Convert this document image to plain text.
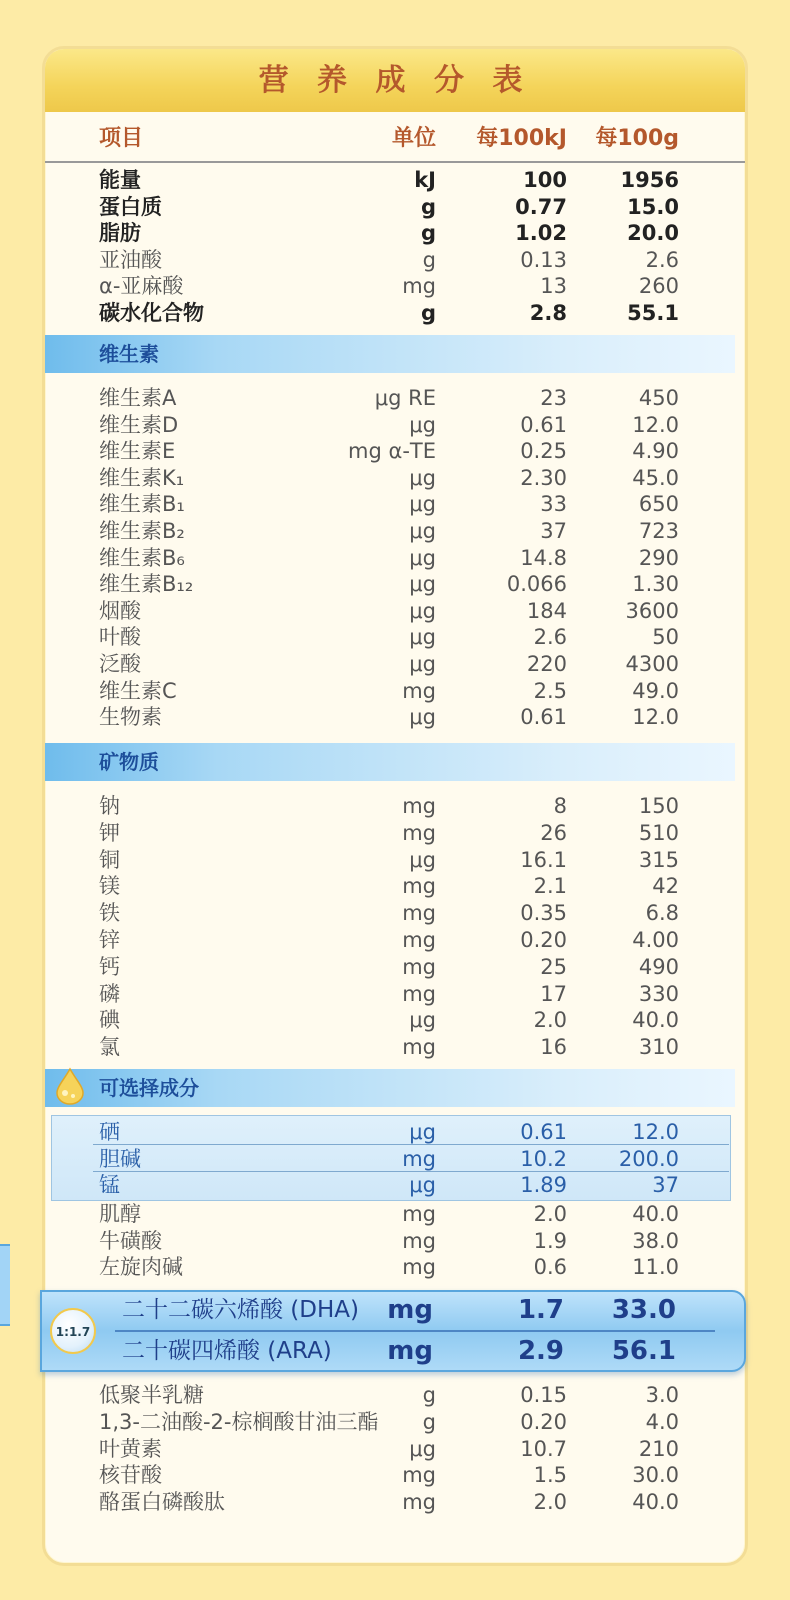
营 养 成 分 表
项目	单位 每100kJ 每100g
能量	kJ	100	1956
蛋白质	g	0.77	15.0
脂肪	g	1.02	20.0
亚油酸	g	0.13	2.6
α-亚麻酸	mg	13	260
碳水化合物	g	2.8	55.1
维生素
维生素A	μg RE	23	450
维生素D	μg	0.61	12.0
维生素E	mg α-TE	0.25	4.90
维生素K₁	μg	2.30	45.0
维生素B₁	μg	33	650
维生素B₂	μg	37	723
维生素B₆	μg	14.8	290
维生素B₁₂	μg	0.066	1.30
烟酸	μg	184	3600
叶酸	μg	2.6	50
泛酸	μg	220	4300
维生素C	mg	2.5	49.0
生物素	μg	0.61	12.0
矿物质
钠	mg	8	150
钾	mg	26	510
铜	μg	16.1	315
镁	mg	2.1	42
铁	mg	0.35	6.8
锌	mg	0.20	4.00
钙	mg	25	490
磷	mg	17	330
碘	μg	2.0	40.0
氯	mg	16	310
可选择成分
硒	μg	0.61	12.0
胆碱	mg	10.2 200.0
锰	μg	1.89	37
肌醇	mg	2.0	40.0
牛磺酸	mg	1.9	38.0
左旋肉碱	mg	0.6	11.0
低聚半乳糖	g	0.15	3.0
1,3-二油酸-2-棕榈酸甘油三酯 g	0.20	4.0
叶黄素	μg	10.7	210
核苷酸	mg	1.5	30.0
酪蛋白磷酸肽	mg	2.0	40.0
1:1.7
二十二碳六烯酸 (DHA) mg	1.7 33.0
二十碳四烯酸 (ARA) mg	2.9 56.1
